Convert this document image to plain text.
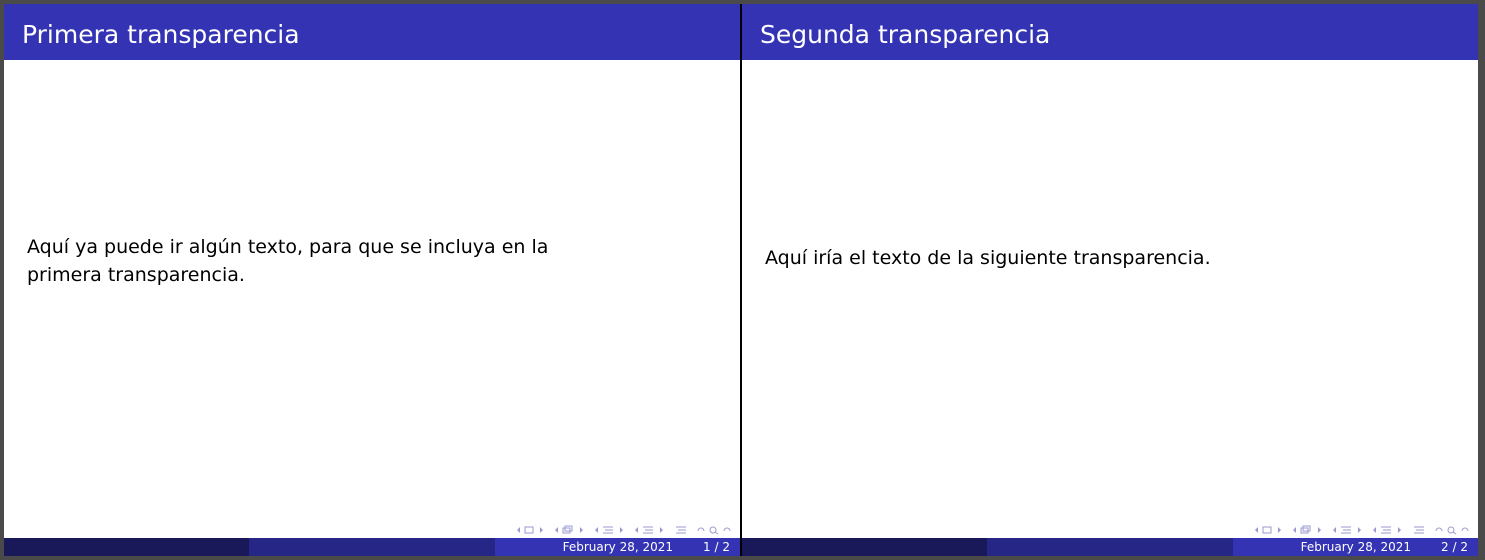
Primera transparencia
Aquí ya puede ir algún texto, para que se incluya en la primera transparencia.
February 28, 2021	1 / 2
Segunda transparencia
Aquí iría el texto de la siguiente transparencia.
February 28, 2021	2 / 2
